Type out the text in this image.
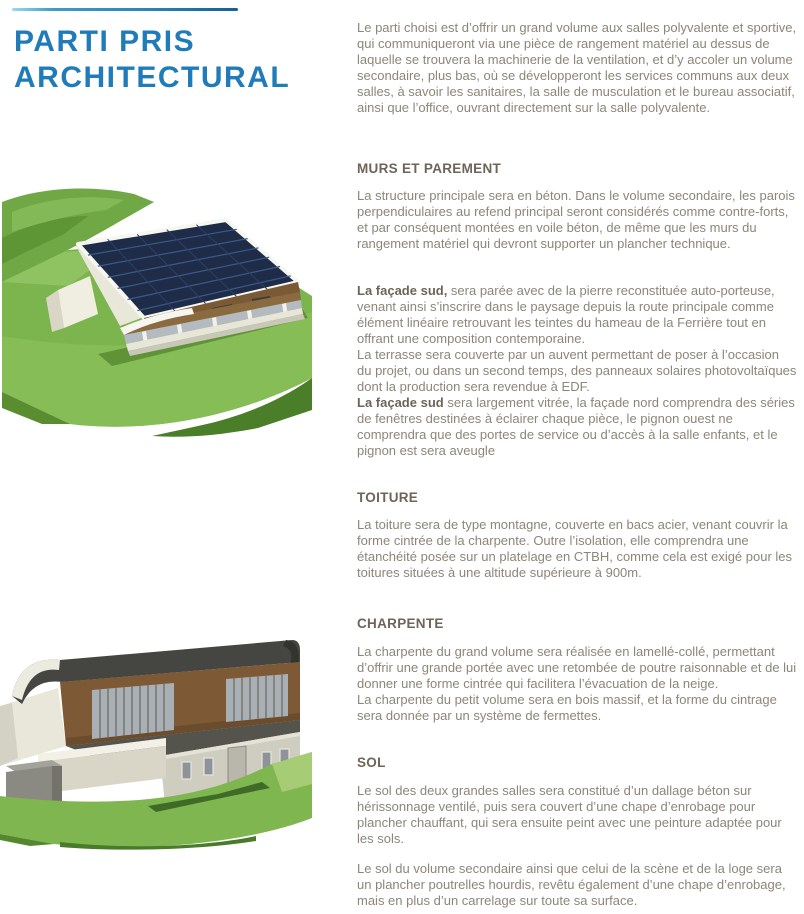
PARTI PRIS
ARCHITECTURAL

Le parti choisi est d’offrir un grand volume aux salles polyvalente et sportive, qui communiqueront via une pièce de rangement matériel au dessus de laquelle se trouvera la machinerie de la ventilation, et d’y accoler un volume secondaire, plus bas, où se développeront les services communs aux deux salles, à savoir les sanitaires, la salle de musculation et le bureau associatif, ainsi que l’office, ouvrant directement sur la salle polyvalente.

MURS ET PAREMENT

La structure principale sera en béton. Dans le volume secondaire, les parois perpendiculaires au refend principal seront considérés comme contre-forts, et par conséquent montées en voile béton, de même que les murs du rangement matériel qui devront supporter un plancher technique.

La façade sud, sera parée avec de la pierre reconstituée auto-porteuse, venant ainsi s’inscrire dans le paysage depuis la route principale comme élément linéaire retrouvant les teintes du hameau de la Ferrière tout en offrant une composition contemporaine.

La terrasse sera couverte par un auvent permettant de poser à l’occasion du projet, ou dans un second temps, des panneaux solaires photovoltaïques dont la production sera revendue à EDF.

La façade sud sera largement vitrée, la façade nord comprendra des séries de fenêtres destinées à éclairer chaque pièce, le pignon ouest ne comprendra que des portes de service ou d’accès à la salle enfants, et le pignon est sera aveugle

TOITURE

La toiture sera de type montagne, couverte en bacs acier, venant couvrir la forme cintrée de la charpente. Outre l’isolation, elle comprendra une étanchéité posée sur un platelage en CTBH, comme cela est exigé pour les toitures situées à une altitude supérieure à 900m.

CHARPENTE

La charpente du grand volume sera réalisée en lamellé-collé, permettant d’offrir une grande portée avec une retombée de poutre raisonnable et de lui donner une forme cintrée qui facilitera l’évacuation de la neige.

La charpente du petit volume sera en bois massif, et la forme du cintrage sera donnée par un système de fermettes.

SOL

Le sol des deux grandes salles sera constitué d’un dallage béton sur hérissonnage ventilé, puis sera couvert d’une chape d’enrobage pour plancher chauffant, qui sera ensuite peint avec une peinture adaptée pour les sols.

Le sol du volume secondaire ainsi que celui de la scène et de la loge sera un plancher poutrelles hourdis, revêtu également d’une chape d’enrobage, mais en plus d’un carrelage sur toute sa surface.
